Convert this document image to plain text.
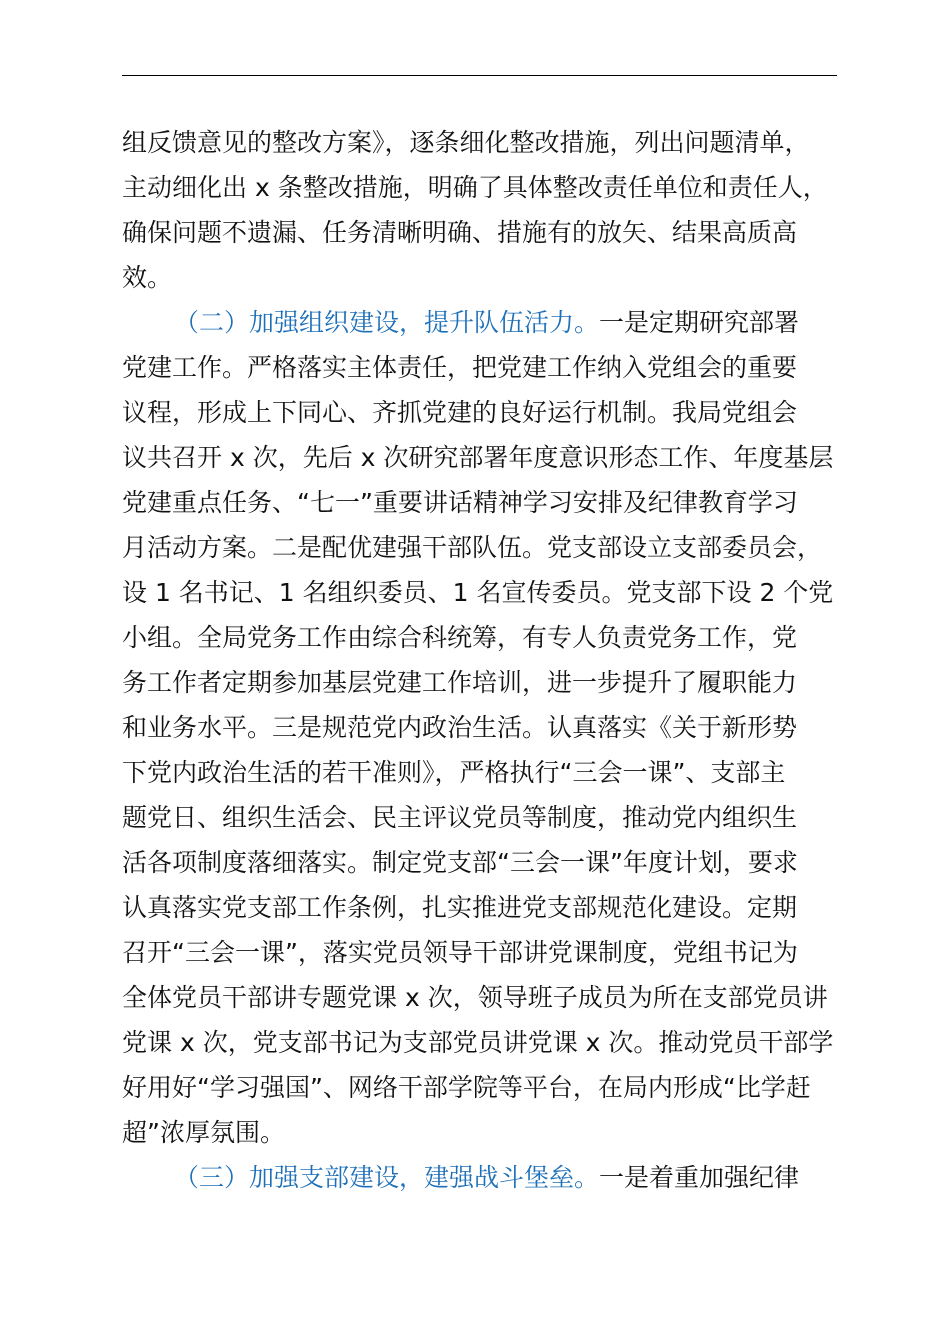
组反馈意见的整改方案》，逐条细化整改措施，列出问题清单，
主动细化出 x 条整改措施，明确了具体整改责任单位和责任人，
确保问题不遗漏、任务清晰明确、措施有的放矢、结果高质高
效。
（二）加强组织建设，提升队伍活力。一是定期研究部署
党建工作。严格落实主体责任，把党建工作纳入党组会的重要
议程，形成上下同心、齐抓党建的良好运行机制。我局党组会
议共召开 x 次，先后 x 次研究部署年度意识形态工作、年度基层
党建重点任务、“七一”重要讲话精神学习安排及纪律教育学习
月活动方案。二是配优建强干部队伍。党支部设立支部委员会，
设 1 名书记、1 名组织委员、1 名宣传委员。党支部下设 2 个党
小组。全局党务工作由综合科统筹，有专人负责党务工作，党
务工作者定期参加基层党建工作培训，进一步提升了履职能力
和业务水平。三是规范党内政治生活。认真落实《关于新形势
下党内政治生活的若干准则》，严格执行“三会一课”、支部主
题党日、组织生活会、民主评议党员等制度，推动党内组织生
活各项制度落细落实。制定党支部“三会一课”年度计划，要求
认真落实党支部工作条例，扎实推进党支部规范化建设。定期
召开“三会一课”，落实党员领导干部讲党课制度，党组书记为
全体党员干部讲专题党课 x 次，领导班子成员为所在支部党员讲
党课 x 次，党支部书记为支部党员讲党课 x 次。推动党员干部学
好用好“学习强国”、网络干部学院等平台，在局内形成“比学赶
超”浓厚氛围。
（三）加强支部建设，建强战斗堡垒。一是着重加强纪律
